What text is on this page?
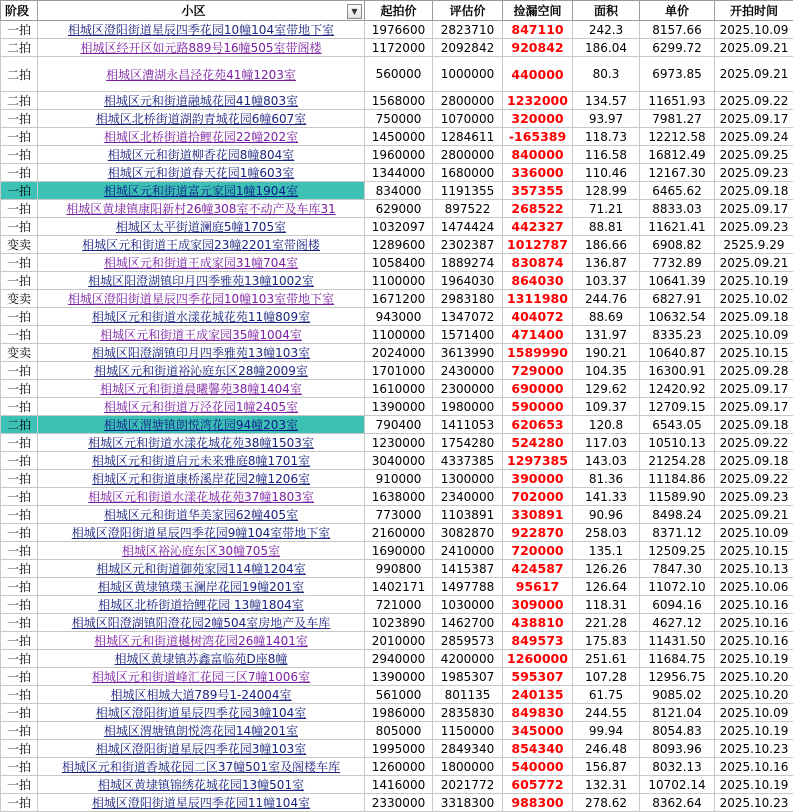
阶段	小区 ▼	起拍价	评估价	捡漏空间	面积	单价	开拍时间
一拍	相城区澄阳街道星辰四季花园10幢104室带地下室	1976600	2823710	847110	242.3	8157.66	2025.10.09
二拍	相城区经开区如元路889号16幢505室带阁楼	1172000	2092842	920842	186.04	6299.72	2025.09.21
二拍	相城区漕湖永昌泾花苑41幢1203室	560000	1000000	440000	80.3	6973.85	2025.09.21
二拍	相城区元和街道融城花园41幢803室	1568000	2800000	1232000	134.57	11651.93	2025.09.22
一拍	相城区北桥街道湖韵青城花园6幢607室	750000	1070000	320000	93.97	7981.27	2025.09.17
一拍	相城区北桥街道拾鲤花园22幢202室	1450000	1284611	-165389	118.73	12212.58	2025.09.24
一拍	相城区元和街道柳香花园8幢804室	1960000	2800000	840000	116.58	16812.49	2025.09.25
一拍	相城区元和街道春天花园1幢603室	1344000	1680000	336000	110.46	12167.30	2025.09.23
一拍	相城区元和街道富元家园1幢1904室	834000	1191355	357355	128.99	6465.62	2025.09.18
一拍	相城区黄埭镇康阳新村26幢308室不动产及车库31	629000	897522	268522	71.21	8833.03	2025.09.17
一拍	相城区太平街道澜庭5幢1705室	1032097	1474424	442327	88.81	11621.41	2025.09.23
变卖	相城区元和街道王成家园23幢2201室带阁楼	1289600	2302387	1012787	186.66	6908.82	2525.9.29
一拍	相城区元和街道王成家园31幢704室	1058400	1889274	830874	136.87	7732.89	2025.09.21
一拍	相城区阳澄湖镇印月四季雅苑13幢1002室	1100000	1964030	864030	103.37	10641.39	2025.10.19
变卖	相城区澄阳街道星辰四季花园10幢103室带地下室	1671200	2983180	1311980	244.76	6827.91	2025.10.02
一拍	相城区元和街道水漾花城花苑11幢809室	943000	1347072	404072	88.69	10632.54	2025.09.18
一拍	相城区元和街道王成家园35幢1004室	1100000	1571400	471400	131.97	8335.23	2025.10.09
变卖	相城区阳澄湖镇印月四季雅苑13幢103室	2024000	3613990	1589990	190.21	10640.87	2025.10.15
一拍	相城区元和街道裕沁庭东区28幢2009室	1701000	2430000	729000	104.35	16300.91	2025.09.28
一拍	相城区元和街道晨曦馨苑38幢1404室	1610000	2300000	690000	129.62	12420.92	2025.09.17
一拍	相城区元和街道万泾花园1幢2405室	1390000	1980000	590000	109.37	12709.15	2025.09.17
二拍	相城区渭塘镇朗悦湾花园94幢203室	790400	1411053	620653	120.8	6543.05	2025.09.18
一拍	相城区元和街道水漾花城花苑38幢1503室	1230000	1754280	524280	117.03	10510.13	2025.09.22
一拍	相城区元和街道启元未来雅庭8幢1701室	3040000	4337385	1297385	143.03	21254.28	2025.09.18
一拍	相城区元和街道康桥溪岸花园2幢1206室	910000	1300000	390000	81.36	11184.86	2025.09.22
一拍	相城区元和街道水漾花城花苑37幢1803室	1638000	2340000	702000	141.33	11589.90	2025.09.23
一拍	相城区元和街道华美家园62幢405室	773000	1103891	330891	90.96	8498.24	2025.09.21
一拍	相城区澄阳街道星辰四季花园9幢104室带地下室	2160000	3082870	922870	258.03	8371.12	2025.10.09
一拍	相城区裕沁庭东区30幢705室	1690000	2410000	720000	135.1	12509.25	2025.10.15
一拍	相城区元和街道御苑家园114幢1204室	990800	1415387	424587	126.26	7847.30	2025.10.13
一拍	相城区黄埭镇璞玉澜岸花园19幢201室	1402171	1497788	95617	126.64	11072.10	2025.10.06
一拍	相城区北桥街道拾鲤花园 13幢1804室	721000	1030000	309000	118.31	6094.16	2025.10.16
一拍	相城区阳澄湖镇阳澄花园2幢504室房地产及车库	1023890	1462700	438810	221.28	4627.12	2025.10.16
一拍	相城区元和街道樾树湾花园26幢1401室	2010000	2859573	849573	175.83	11431.50	2025.10.16
一拍	相城区黄埭镇苏鑫富临苑D座8幢	2940000	4200000	1260000	251.61	11684.75	2025.10.19
一拍	相城区元和街道峰汇花园三区7幢1006室	1390000	1985307	595307	107.28	12956.75	2025.10.20
一拍	相城区相城大道789号1-24004室	561000	801135	240135	61.75	9085.02	2025.10.20
一拍	相城区澄阳街道星辰四季花园3幢104室	1986000	2835830	849830	244.55	8121.04	2025.10.09
一拍	相城区渭塘镇朗悦湾花园14幢201室	805000	1150000	345000	99.94	8054.83	2025.10.19
一拍	相城区澄阳街道星辰四季花园3幢103室	1995000	2849340	854340	246.48	8093.96	2025.10.23
一拍	相城区元和街道香城花园二区37幢501室及阁楼车库	1260000	1800000	540000	156.87	8032.13	2025.10.16
一拍	相城区黄埭镇锦绣花城花园13幢501室	1416000	2021772	605772	132.31	10702.14	2025.10.19
一拍	相城区澄阳街道星辰四季花园11幢104室	2330000	3318300	988300	278.62	8362.64	2025.10.23
